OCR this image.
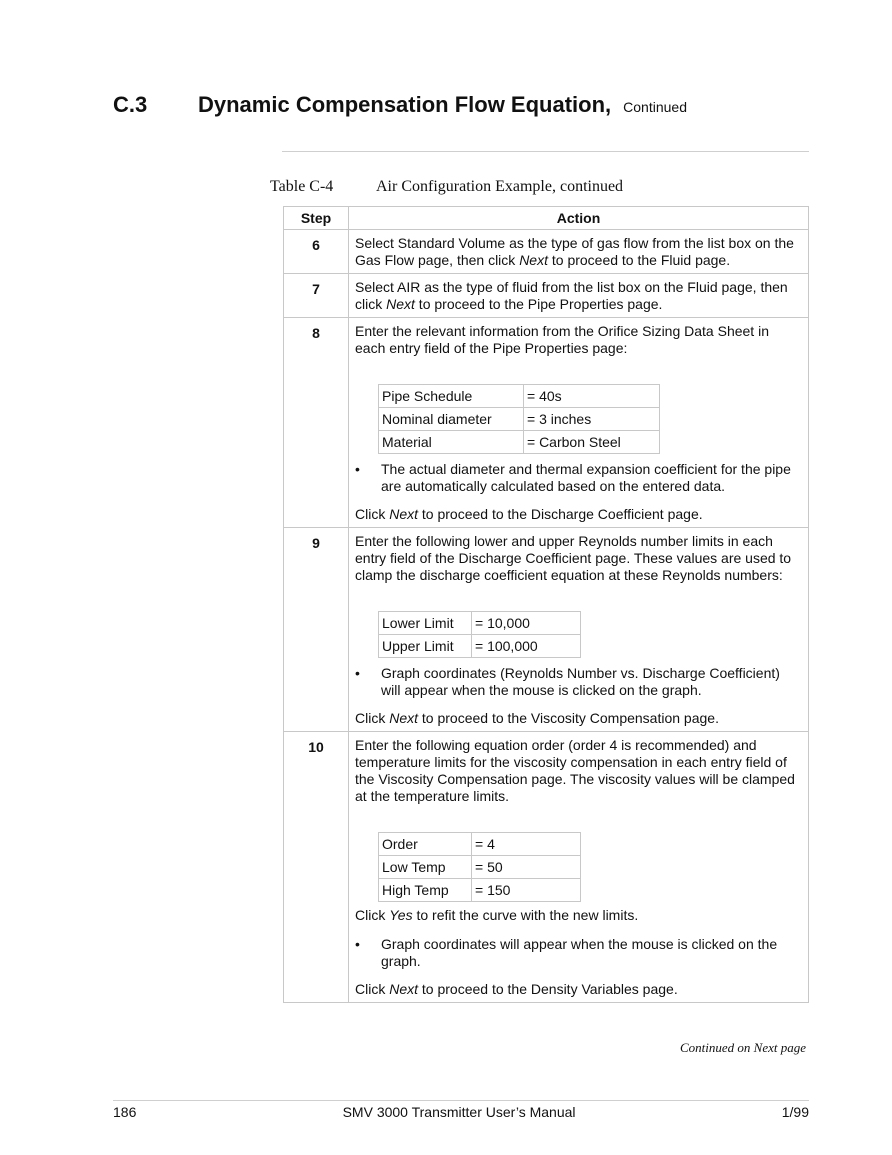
C.3	Dynamic Compensation Flow Equation, Continued
Table C-4	Air Configuration Example, continued
Step	Action
6	Select Standard Volume as the type of gas flow from the list box on the Gas Flow page, then click Next to proceed to the Fluid page.

7	Select AIR as the type of fluid from the list box on the Fluid page, then click Next to proceed to the Pipe Properties page.

8	Enter the relevant information from the Orifice Sizing Data Sheet in each entry field of the Pipe Properties page:

Pipe Schedule	= 40s
Nominal diameter	= 3 inches
Material	= Carbon Steel
•	The actual diameter and thermal expansion coefficient for the pipe are automatically calculated based on the entered data.

Click Next to proceed to the Discharge Coefficient page.

9	Enter the following lower and upper Reynolds number limits in each entry field of the Discharge Coefficient page. These values are used to clamp the discharge coefficient equation at these Reynolds numbers:

Lower Limit	= 10,000
Upper Limit	= 100,000
•	Graph coordinates (Reynolds Number vs. Discharge Coefficient) will appear when the mouse is clicked on the graph.

Click Next to proceed to the Viscosity Compensation page.

10	Enter the following equation order (order 4 is recommended) and temperature limits for the viscosity compensation in each entry field of the Viscosity Compensation page. The viscosity values will be clamped at the temperature limits.

Order	= 4
Low Temp	= 50
High Temp	= 150

Click Yes to refit the curve with the new limits.

•	Graph coordinates will appear when the mouse is clicked on the graph.

Click Next to proceed to the Density Variables page.

Continued on Next page
186	SMV 3000 Transmitter User’s Manual	1/99
